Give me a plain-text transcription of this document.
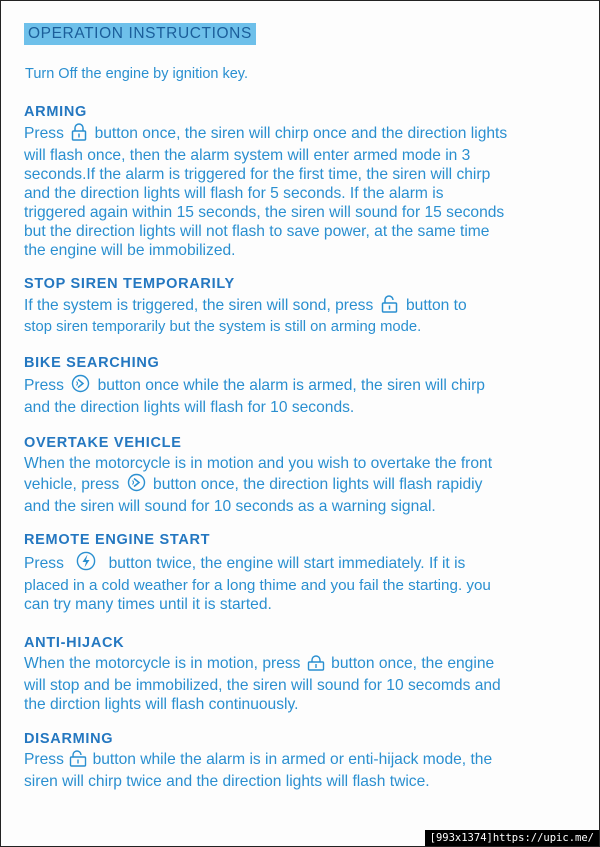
OPERATION INSTRUCTIONS
Turn Off the engine by ignition key.
ARMING
Press button once, the siren will chirp once and the direction lights
will flash once, then the alarm system will enter armed mode in 3
seconds.If the alarm is triggered for the first time, the siren will chirp
and the direction lights will flash for 5 seconds. If the alarm is
triggered again within 15 seconds, the siren will sound for 15 seconds
but the direction lights will not flash to save power, at the same time
the engine will be immobilized.
STOP SIREN TEMPORARILY
If the system is triggered, the siren will sond, press button to
stop siren temporarily but the system is still on arming mode.
BIKE SEARCHING
Press button once while the alarm is armed, the siren will chirp
and the direction lights will flash for 10 seconds.
OVERTAKE VEHICLE
When the motorcycle is in motion and you wish to overtake the front
vehicle, press button once, the direction lights will flash rapidiy
and the siren will sound for 10 seconds as a warning signal.
REMOTE ENGINE START
Press	button twice, the engine will start immediately. If it is
placed in a cold weather for a long thime and you fail the starting. you
can try many times until it is started.
ANTI-HIJACK
When the motorcycle is in motion, press button once, the engine
will stop and be immobilized, the siren will sound for 10 secomds and
the dirction lights will flash continuously.
DISARMING
Press button while the alarm is in armed or enti-hijack mode, the
siren will chirp twice and the direction lights will flash twice.
[993x1374]https://upic.me/
